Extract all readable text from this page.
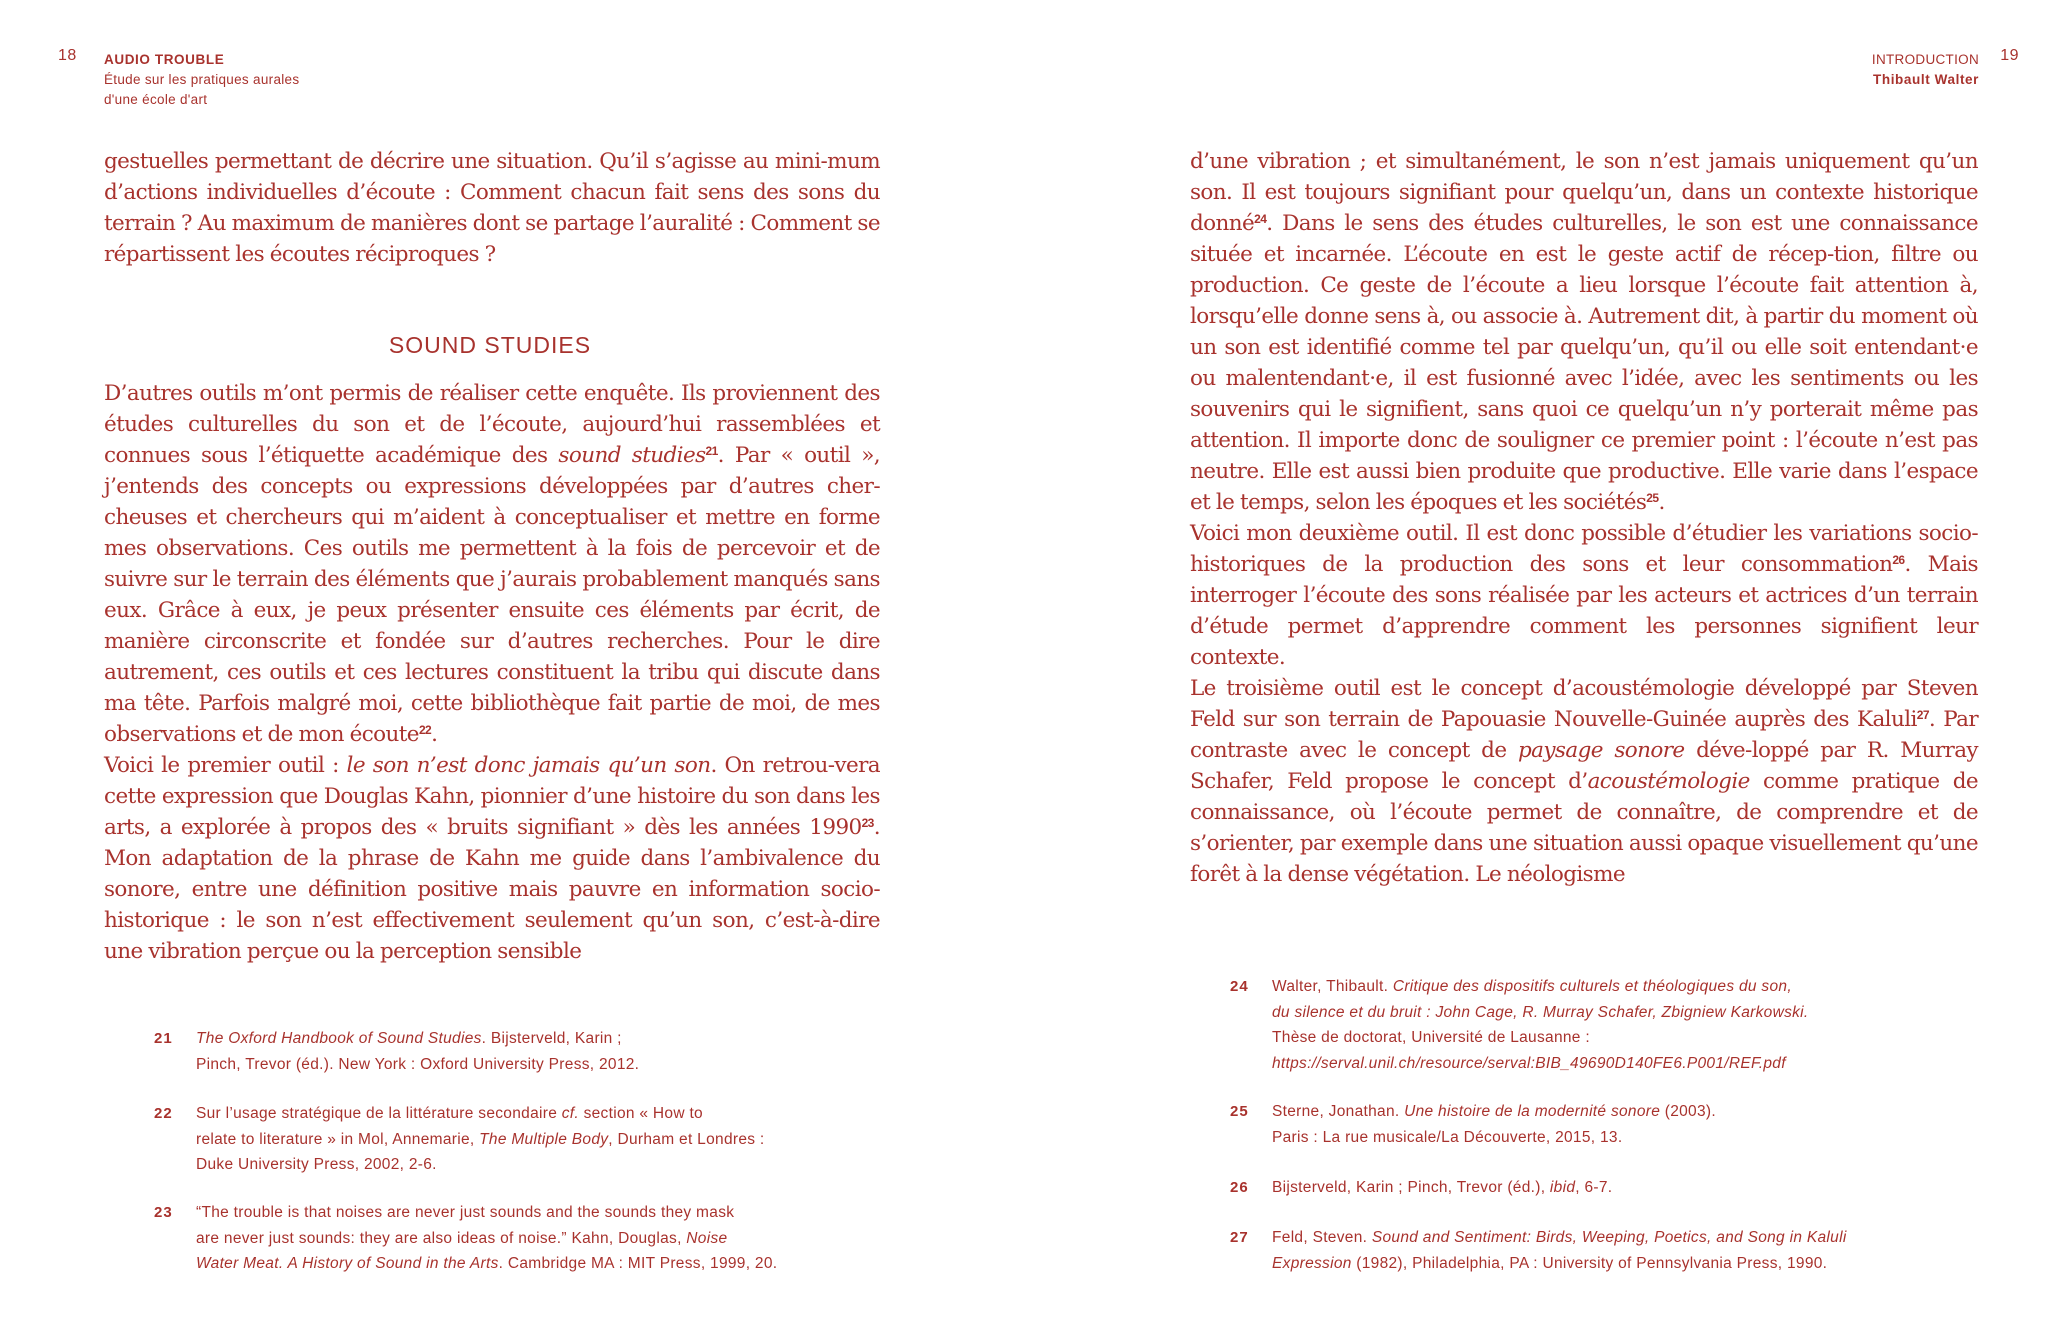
18 AUDIO TROUBLE
Étude sur les pratiques aurales
d'une école d'art

gestuelles permettant de décrire une situation. Qu’il s’agisse au mini-mum d’actions individuelles d’écoute : Comment chacun fait sens des sons du terrain ? Au maximum de manières dont se partage l’auralité : Comment se répartissent les écoutes réciproques ?

SOUND STUDIES

D’autres outils m’ont permis de réaliser cette enquête. Ils proviennent des études culturelles du son et de l’écoute, aujourd’hui rassemblées et connues sous l’étiquette académique des sound studies$^{21}$. Par « outil », j’entends des concepts ou expressions développées par d’autres cher-cheuses et chercheurs qui m’aident à conceptualiser et mettre en forme mes observations. Ces outils me permettent à la fois de percevoir et de suivre sur le terrain des éléments que j’aurais probablement manqués sans eux. Grâce à eux, je peux présenter ensuite ces éléments par écrit, de manière circonscrite et fondée sur d’autres recherches. Pour le dire autrement, ces outils et ces lectures constituent la tribu qui discute dans ma tête. Parfois malgré moi, cette bibliothèque fait partie de moi, de mes observations et de mon écoute$^{22}$.

Voici le premier outil : le son n’est donc jamais qu’un son. On retrou-vera cette expression que Douglas Kahn, pionnier d’une histoire du son dans les arts, a explorée à propos des « bruits signifiant » dès les années 1990$^{23}$. Mon adaptation de la phrase de Kahn me guide dans l’ambivalence du sonore, entre une définition positive mais pauvre en information socio-historique : le son n’est effectivement seulement qu’un son, c’est-à-dire une vibration perçue ou la perception sensible

21 The Oxford Handbook of Sound Studies. Bijsterveld, Karin ;
Pinch, Trevor (éd.). New York : Oxford University Press, 2012.
22 Sur l’usage stratégique de la littérature secondaire cf. section « How to
relate to literature » in Mol, Annemarie, The Multiple Body, Durham et Londres :
Duke University Press, 2002, 2-6.
23 “The trouble is that noises are never just sounds and the sounds they mask
are never just sounds: they are also ideas of noise.” Kahn, Douglas, Noise
Water Meat. A History of Sound in the Arts. Cambridge MA : MIT Press, 1999, 20.
INTRODUCTION
Thibault Walter
19

d’une vibration ; et simultanément, le son n’est jamais uniquement qu’un son. Il est toujours signifiant pour quelqu’un, dans un contexte historique donné$^{24}$. Dans le sens des études culturelles, le son est une connaissance située et incarnée. L’écoute en est le geste actif de récep-tion, filtre ou production. Ce geste de l’écoute a lieu lorsque l’écoute fait attention à, lorsqu’elle donne sens à, ou associe à. Autrement dit, à partir du moment où un son est identifié comme tel par quelqu’un, qu’il ou elle soit entendant·e ou malentendant·e, il est fusionné avec l’idée, avec les sentiments ou les souvenirs qui le signifient, sans quoi ce quelqu’un n’y porterait même pas attention. Il importe donc de souligner ce premier point : l’écoute n’est pas neutre. Elle est aussi bien produite que productive. Elle varie dans l’espace et le temps, selon les époques et les sociétés$^{25}$.

Voici mon deuxième outil. Il est donc possible d’étudier les variations socio-historiques de la production des sons et leur consommation$^{26}$. Mais interroger l’écoute des sons réalisée par les acteurs et actrices d’un terrain d’étude permet d’apprendre comment les personnes signifient leur contexte.

Le troisième outil est le concept d’acoustémologie développé par Steven Feld sur son terrain de Papouasie Nouvelle-Guinée auprès des Kaluli$^{27}$. Par contraste avec le concept de paysage sonore déve-loppé par R. Murray Schafer, Feld propose le concept d’acoustémologie comme pratique de connaissance, où l’écoute permet de connaître, de comprendre et de s’orienter, par exemple dans une situation aussi opaque visuellement qu’une forêt à la dense végétation. Le néologisme

24 Walter, Thibault. Critique des dispositifs culturels et théologiques du son,
du silence et du bruit : John Cage, R. Murray Schafer, Zbigniew Karkowski.
Thèse de doctorat, Université de Lausanne :
https://serval.unil.ch/resource/serval:BIB_49690D140FE6.P001/REF.pdf
25 Sterne, Jonathan. Une histoire de la modernité sonore (2003).
Paris : La rue musicale/La Découverte, 2015, 13.
26 Bijsterveld, Karin ; Pinch, Trevor (éd.), ibid, 6-7.
27 Feld, Steven. Sound and Sentiment: Birds, Weeping, Poetics, and Song in Kaluli
Expression (1982), Philadelphia, PA : University of Pennsylvania Press, 1990.
